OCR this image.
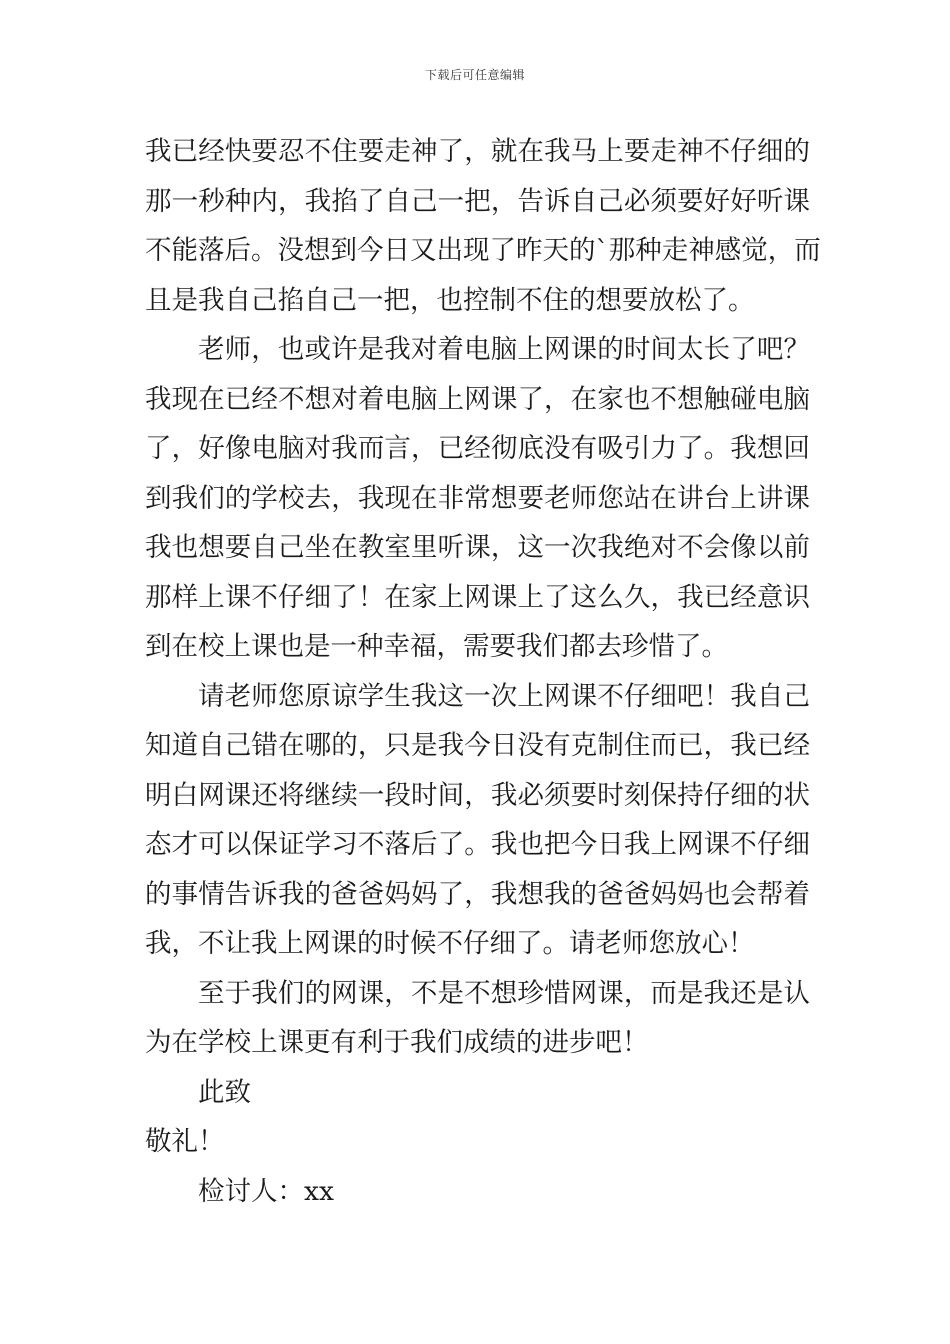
下载后可任意编辑
我已经快要忍不住要走神了，就在我马上要走神不仔细的
那一秒种内，我掐了自己一把，告诉自己必须要好好听课
不能落后。没想到今日又出现了昨天的`那种走神感觉，而
且是我自己掐自己一把，也控制不住的想要放松了。
老师，也或许是我对着电脑上网课的时间太长了吧？
我现在已经不想对着电脑上网课了，在家也不想触碰电脑
了，好像电脑对我而言，已经彻底没有吸引力了。我想回
到我们的学校去，我现在非常想要老师您站在讲台上讲课
我也想要自己坐在教室里听课，这一次我绝对不会像以前
那样上课不仔细了！在家上网课上了这么久，我已经意识
到在校上课也是一种幸福，需要我们都去珍惜了。
请老师您原谅学生我这一次上网课不仔细吧！我自己
知道自己错在哪的，只是我今日没有克制住而已，我已经
明白网课还将继续一段时间，我必须要时刻保持仔细的状
态才可以保证学习不落后了。我也把今日我上网课不仔细
的事情告诉我的爸爸妈妈了，我想我的爸爸妈妈也会帮着
我，不让我上网课的时候不仔细了。请老师您放心！
至于我们的网课，不是不想珍惜网课，而是我还是认
为在学校上课更有利于我们成绩的进步吧！
此致
敬礼！
检讨人：xx
